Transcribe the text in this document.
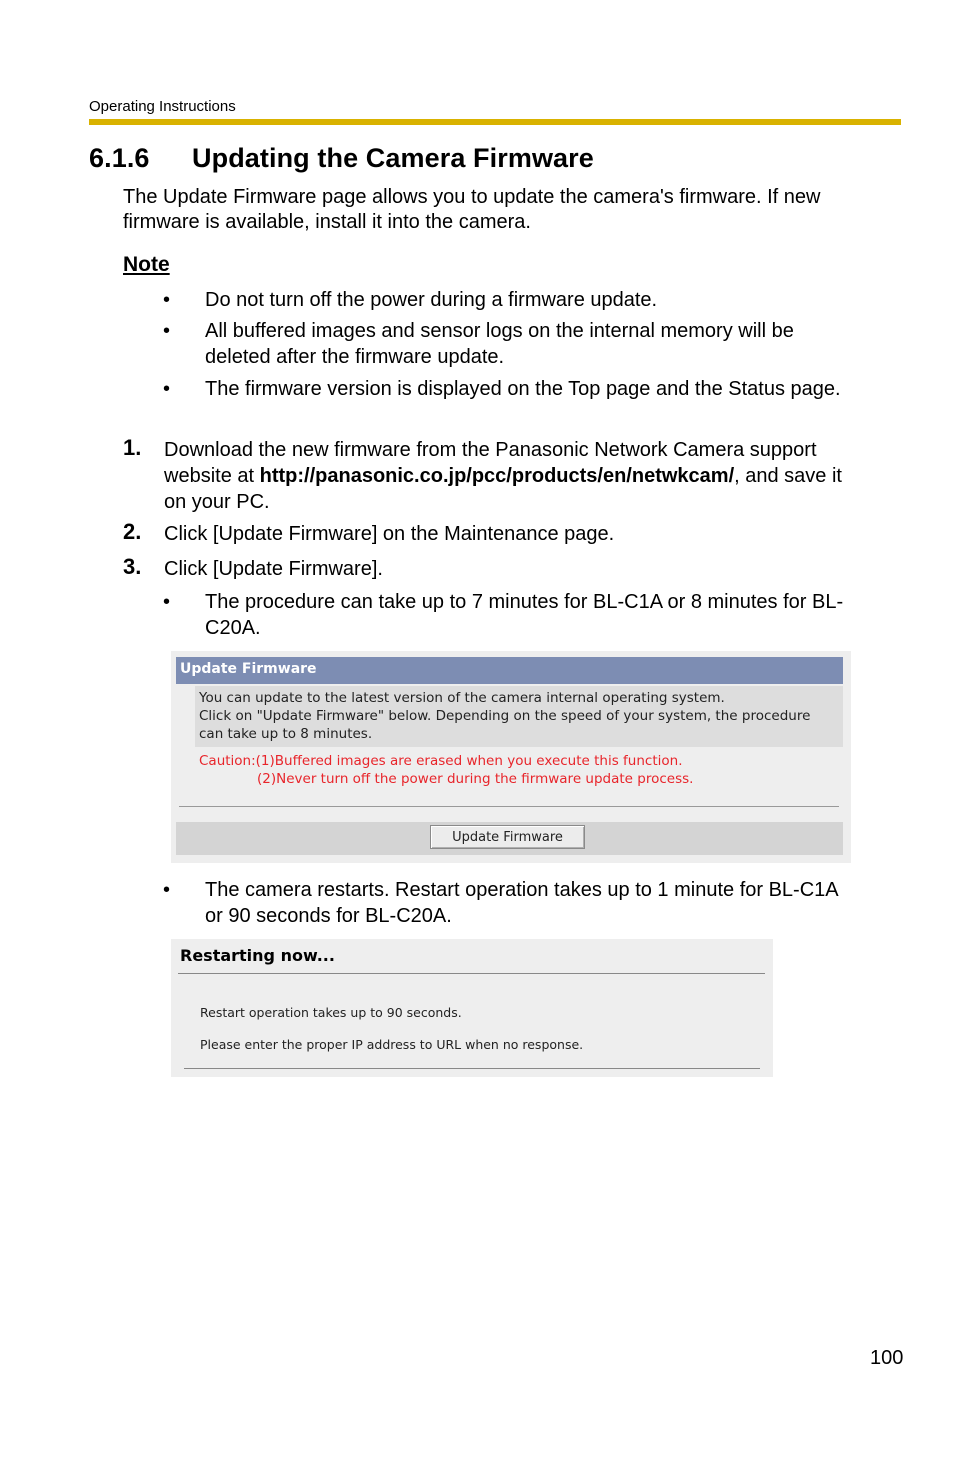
Operating Instructions
6.1.6 Updating the Camera Firmware
The Update Firmware page allows you to update the camera's firmware. If new
firmware is available, install it into the camera.
Note
• Do not turn off the power during a firmware update.
• All buffered images and sensor logs on the internal memory will be
deleted after the firmware update.
• The firmware version is displayed on the Top page and the Status page.
1. Download the new firmware from the Panasonic Network Camera support
website at http://panasonic.co.jp/pcc/products/en/netwkcam/, and save it
on your PC.
2. Click [Update Firmware] on the Maintenance page.
3. Click [Update Firmware].
• The procedure can take up to 7 minutes for BL-C1A or 8 minutes for BL-
C20A.
Update Firmware
You can update to the latest version of the camera internal operating system.
Click on "Update Firmware" below. Depending on the speed of your system, the procedure
can take up to 8 minutes.
Caution:(1)Buffered images are erased when you execute this function.
(2)Never turn off the power during the firmware update process.
Update Firmware
• The camera restarts. Restart operation takes up to 1 minute for BL-C1A
or 90 seconds for BL-C20A.
Restarting now...
Restart operation takes up to 90 seconds.
Please enter the proper IP address to URL when no response.
100
